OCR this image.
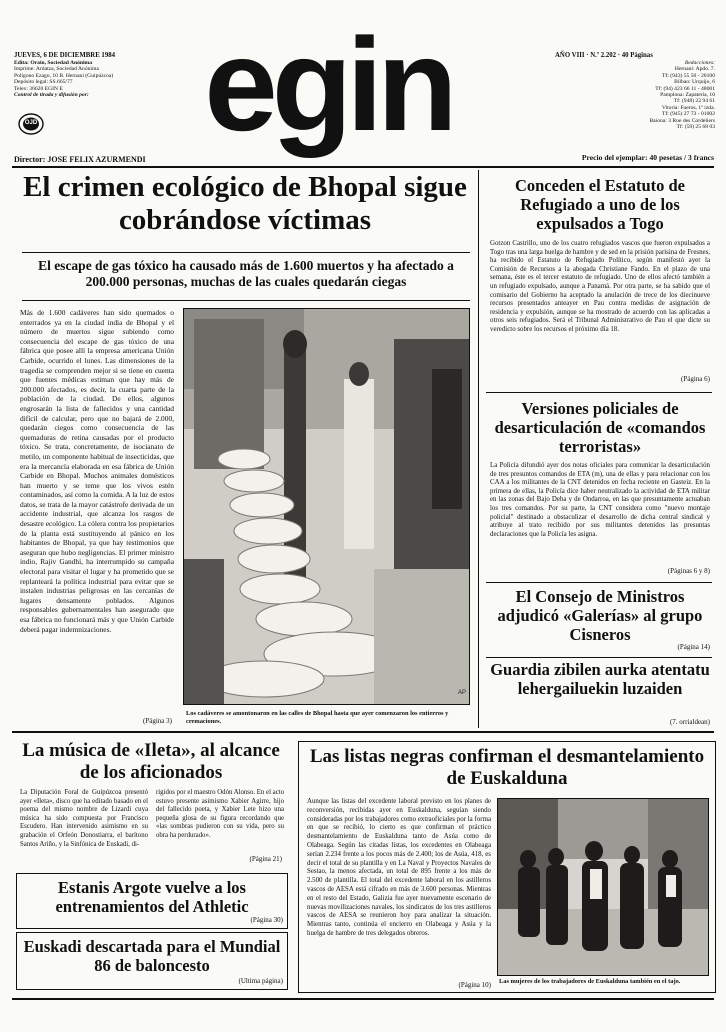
JUEVES, 6 DE DICIEMBRE 1984
Edita: Orain, Sociedad Anónima
Imprime: Ardatza, Sociedad Anónima
Polígono Ezago, 10 B. Hernani (Guipúzcoa)
Depósito legal: SS.665/77
Telex: 36620 EGIN E
Control de tirada y difusión por:
OJD egin	AÑO VIII · N.º 2.202 · 40 Páginas
Redacciones:
Hernani: Apdo. 7.
Tf: (943) 55 50 - 20100
Bilbao: Urquijo, 6
Tf: (94) 423 66 11 - 48001
Pamplona: Zapatería, 10
Tf: (948) 22 94 61
Vitoria: Fueros, 1º izda.
Tf: (945) 27 73 - 01002
Baiona: 3 Rue des Cordeliers
Tf: (59) 25 68 03
Director: JOSE FELIX AZURMENDI	Precio del ejemplar: 40 pesetas / 3 francs
El crimen ecológico de Bhopal sigue cobrándose víctimas
El escape de gas tóxico ha causado más de 1.600 muertos y ha afectado a 200.000 personas, muchas de las cuales quedarán ciegas
Más de 1.600 cadáveres han sido quemados o enterrados ya en la ciudad india de Bhopal y el número de muertos sigue subiendo como consecuencia del escape de gas tóxico de una fábrica que posee allí la empresa americana Unión Carbide, ocurrido el lunes. Las dimensiones de la tragedia se comprenden mejor si se tiene en cuenta que fuentes médicas estiman que hay más de 200.000 afectados, es decir, la cuarta parte de la población de la ciudad. De ellos, algunos engrosarán la lista de fallecidos y una cantidad difícil de calcular, pero que no bajará de 2.000, quedarán ciegos como consecuencia de las quemaduras de retina causadas por el producto tóxico. Se trata, concretamente, de isocianato de metilo, un componente habitual de insecticidas, que era la mercancía elaborada en esa fábrica de Unión Carbide en Bhopal. Muchos animales domésticos han muerto y se teme que los vivos estén contaminados, así como la comida. A la luz de estos datos, se trata de la mayor catástrofe derivada de un accidente industrial, que alcanza los rasgos de desastre ecológico. La cólera contra los propietarios de la planta está sustituyendo al pánico en los habitantes de Bhopal, ya que hay testimonios que aseguran que hubo negligencias. El primer ministro indio, Rajiv Gandhi, ha interrumpido su campaña electoral para visitar el lugar y ha prometido que se replanteará la política industrial para evitar que se instalen industrias peligrosas en las cercanías de lugares densamente poblados. Algunos responsables gubernamentales han asegurado que esa fábrica no funcionará más y que Unión Carbide deberá pagar indemnizaciones.
(Página 3)
AP
Los cadáveres se amontonaron en las calles de Bhopal hasta que ayer comenzaron los entierros y cremaciones.
Conceden el Estatuto de Refugiado a uno de los expulsados a Togo
Gotzon Castrillo, uno de los cuatro refugiados vascos que fueron expulsados a Togo tras una larga huelga de hambre y de sed en la prisión parisina de Fresnes, ha recibido el Estatuto de Refugiado Político, según manifestó ayer la Comisión de Recursos a la abogada Christiane Fando. En el plazo de una semana, éste es el tercer estatuto de refugiado. Uno de ellos afectó también a un refugiado expulsado, aunque a Panamá. Por otra parte, se ha sabido que el comisario del Gobierno ha aceptado la anulación de trece de los diecinueve recursos presentados anteayer en Pau contra medidas de asignación de residencia y expulsión, aunque se ha mostrado de acuerdo con las aplicadas a otros seis refugiados. Será el Tribunal Administrativo de Pau el que dicte su veredicto sobre los recursos el próximo día 18.
(Página 6)
Versiones policiales de desarticulación de «comandos terroristas»
La Policía difundió ayer dos notas oficiales para comunicar la desarticulación de tres presuntos comandos de ETA (m), una de ellas y para relacionar con los CAA a los militantes de la CNT detenidos en fecha reciente en Gasteiz. En la primera de ellas, la Policía dice haber neutralizado la actividad de ETA militar en las zonas del Bajo Deba y de Ondarroa, en las que presuntamente actuaban los tres comandos. Por su parte, la CNT considera como "nuevo montaje policial" destinado a obstaculizar el desarrollo de dicha central sindical y atribuye al trato recibido por sus militantes detenidos las presuntas declaraciones que la Policía les asigna.
(Páginas 6 y 8)
El Consejo de Ministros adjudicó «Galerías» al grupo Cisneros
(Página 14)
Guardia zibilen aurka atentatu lehergailuekin luzaiden
(7. orrialdean)
La música de «Ileta», al alcance de los aficionados
La Diputación Foral de Guipúzcoa presentó ayer «Ileta», disco que ha editado basado en el poema del mismo nombre de Lizardi cuya música ha sido compuesta por Francisco Escudero. Han intervenido asimismo en su grabación el Orfeón Donostiarra, el barítono Santos Ariño, y la Sinfónica de Euskadi, di-
rigidos por el maestro Odón Alonso. En el acto estuvo presente asimismo Xabier Agirre, hijo del fallecido poeta, y Xabier Lete hizo una pequeña glosa de su figura recordando que «las sombras pudieron con su vida, pero su obra ha perdurado».
(Página 21)
Estanis Argote vuelve a los entrenamientos del Athletic
(Página 30)
Euskadi descartada para el Mundial 86 de baloncesto
(Ultima página)
Las listas negras confirman el desmantelamiento de Euskalduna
Aunque las listas del excedente laboral previsto en los planes de reconversión, recibidas ayer en Euskalduna, seguían siendo consideradas por los trabajadores como extraoficiales por la forma en que se recibió, lo cierto es que confirman el práctico desmantelamiento de Euskalduna tanto de Asúa como de Olabeaga. Según las citadas listas, los excedentes en Olabeaga serían 2.234 frente a los pocos más de 2.400; los de Asúa, 418, es decir el total de su plantilla y en La Naval y Proyectos Navales de Sestao, la menos afectada, un total de 895 frente a los más de 2.500 de plantilla. El total del excedente laboral en los astilleros vascos de AESA está cifrado en más de 3.600 personas. Mientras en el resto del Estado, Galizia fue ayer nuevamente escenario de nuevas movilizaciones navales, los sindicatos de los tres astilleros vascos de AESA se reunieron hoy para analizar la situación. Mientras tanto, continúa el encierro en Olabeaga y Asúa y la huelga de hambre de tres delegados obreros.
(Página 10) Las mujeres de los trabajadores de Euskalduna también en el tajo.
